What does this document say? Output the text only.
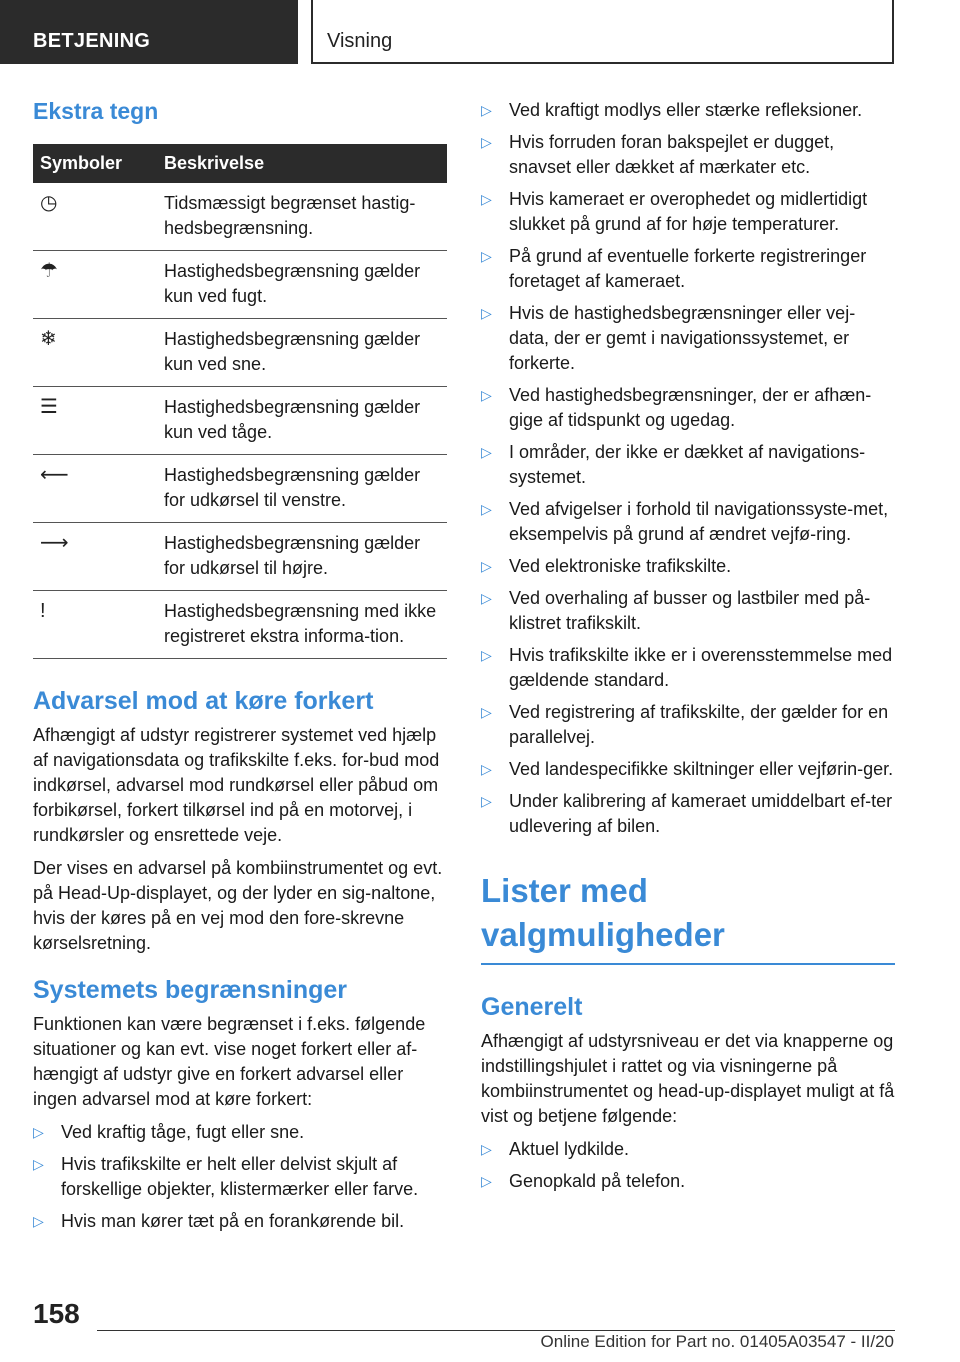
BETJENING	Visning
Ekstra tegn
Symboler	Beskrivelse
◷	Tidsmæssigt begrænset hastig-hedsbegrænsning.
☂	Hastighedsbegrænsning gælder kun ved fugt.
❄	Hastighedsbegrænsning gælder kun ved sne.
☰	Hastighedsbegrænsning gælder kun ved tåge.
⟵	Hastighedsbegrænsning gælder for udkørsel til venstre.
⟶	Hastighedsbegrænsning gælder for udkørsel til højre.
!	Hastighedsbegrænsning med ikke registreret ekstra informa-tion.
Advarsel mod at køre forkert

Afhængigt af udstyr registrerer systemet ved hjælp af navigationsdata og trafikskilte f.eks. for-bud mod indkørsel, advarsel mod rundkørsel eller påbud om forbikørsel, forkert tilkørsel ind på en motorvej, i rundkørsler og ensrettede veje.

Der vises en advarsel på kombiinstrumentet og evt. på Head-Up-displayet, og der lyder en sig-naltone, hvis der køres på en vej mod den fore-skrevne kørselsretning.

Systemets begrænsninger

Funktionen kan være begrænset i f.eks. følgende situationer og kan evt. vise noget forkert eller af-hængigt af udstyr give en forkert advarsel eller ingen advarsel mod at køre forkert:

▷ Ved kraftig tåge, fugt eller sne.
▷ Hvis trafikskilte er helt eller delvist skjult af forskellige objekter, klistermærker eller farve.
▷ Hvis man kører tæt på en forankørende bil.
▷ Ved kraftigt modlys eller stærke refleksioner.
▷ Hvis forruden foran bakspejlet er dugget, snavset eller dækket af mærkater etc.
▷ Hvis kameraet er overophedet og midlertidigt slukket på grund af for høje temperaturer.
▷ På grund af eventuelle forkerte registreringer foretaget af kameraet.
▷ Hvis de hastighedsbegrænsninger eller vej-data, der er gemt i navigationssystemet, er forkerte.
▷ Ved hastighedsbegrænsninger, der er afhæn-gige af tidspunkt og ugedag.
▷ I områder, der ikke er dækket af navigations-systemet.
▷ Ved afvigelser i forhold til navigationssyste-met, eksempelvis på grund af ændret vejfø-ring.
▷ Ved elektroniske trafikskilte.
▷ Ved overhaling af busser og lastbiler med på-klistret trafikskilt.
▷ Hvis trafikskilte ikke er i overensstemmelse med gældende standard.
▷ Ved registrering af trafikskilte, der gælder for en parallelvej.
▷ Ved landespecifikke skiltninger eller vejførin-ger.
▷ Under kalibrering af kameraet umiddelbart ef-ter udlevering af bilen.
Lister med valgmuligheder
Generelt

Afhængigt af udstyrsniveau er det via knapperne og indstillingshjulet i rattet og via visningerne på kombiinstrumentet og head-up-displayet muligt at få vist og betjene følgende:

▷ Aktuel lydkilde.
▷ Genopkald på telefon.
158
Online Edition for Part no. 01405A03547 - II/20
